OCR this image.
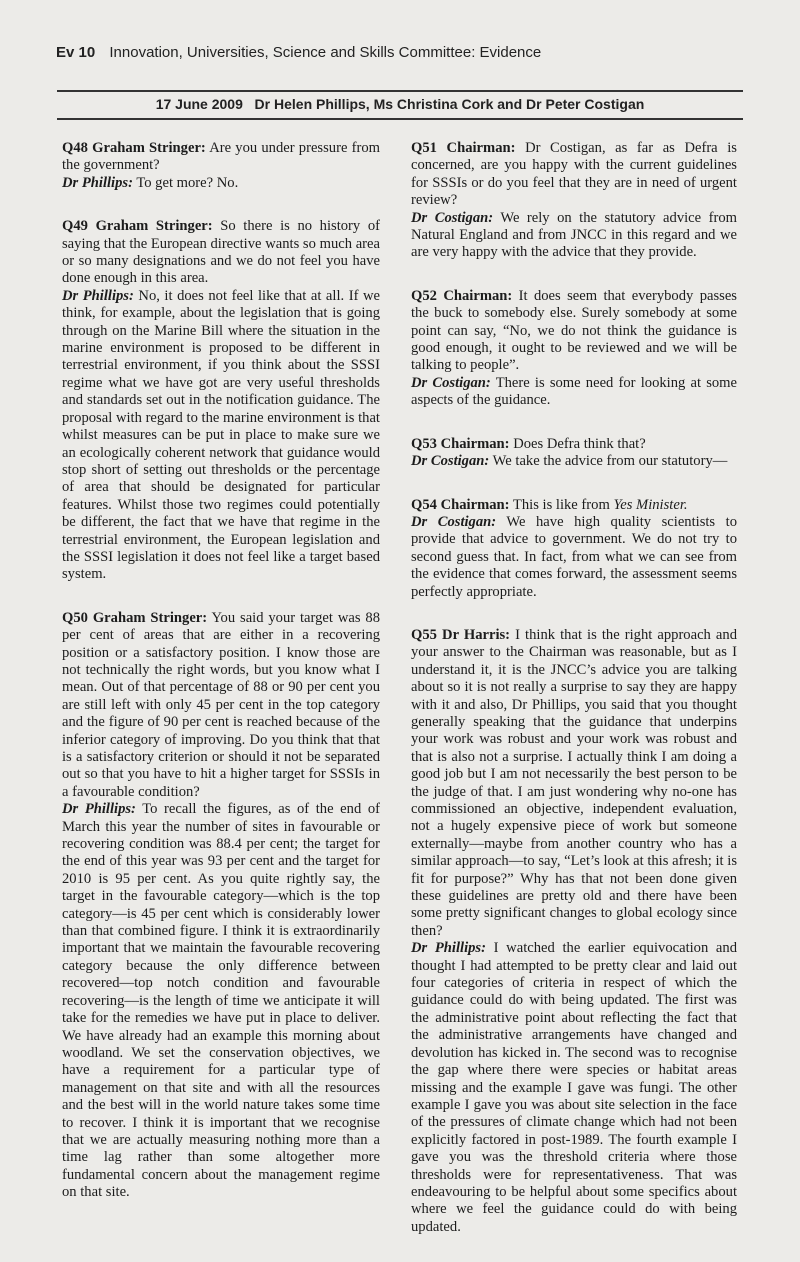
Ev 10 Innovation, Universities, Science and Skills Committee: Evidence
17 June 2009   Dr Helen Phillips, Ms Christina Cork and Dr Peter Costigan

Q48 Graham Stringer: Are you under pressure from the government?

Dr Phillips: To get more? No.

Q49 Graham Stringer: So there is no history of saying that the European directive wants so much area or so many designations and we do not feel you have done enough in this area.

Dr Phillips: No, it does not feel like that at all. If we think, for example, about the legislation that is going through on the Marine Bill where the situation in the marine environment is proposed to be different in terrestrial environment, if you think about the SSSI regime what we have got are very useful thresholds and standards set out in the notification guidance. The proposal with regard to the marine environment is that whilst measures can be put in place to make sure we an ecologically coherent network that guidance would stop short of setting out thresholds or the percentage of area that should be designated for particular features. Whilst those two regimes could potentially be different, the fact that we have that regime in the terrestrial environment, the European legislation and the SSSI legislation it does not feel like a target based system.

Q50 Graham Stringer: You said your target was 88 per cent of areas that are either in a recovering position or a satisfactory position. I know those are not technically the right words, but you know what I mean. Out of that percentage of 88 or 90 per cent you are still left with only 45 per cent in the top category and the figure of 90 per cent is reached because of the inferior category of improving. Do you think that that is a satisfactory criterion or should it not be separated out so that you have to hit a higher target for SSSIs in a favourable condition?

Dr Phillips: To recall the figures, as of the end of March this year the number of sites in favourable or recovering condition was 88.4 per cent; the target for the end of this year was 93 per cent and the target for 2010 is 95 per cent. As you quite rightly say, the target in the favourable category—which is the top category—is 45 per cent which is considerably lower than that combined figure. I think it is extraordinarily important that we maintain the favourable recovering category because the only difference between recovered—top notch condition and favourable recovering—is the length of time we anticipate it will take for the remedies we have put in place to deliver. We have already had an example this morning about woodland. We set the conservation objectives, we have a requirement for a particular type of management on that site and with all the resources and the best will in the world nature takes some time to recover. I think it is important that we recognise that we are actually measuring nothing more than a time lag rather than some altogether more fundamental concern about the management regime on that site.

Q51 Chairman: Dr Costigan, as far as Defra is concerned, are you happy with the current guidelines for SSSIs or do you feel that they are in need of urgent review?

Dr Costigan: We rely on the statutory advice from Natural England and from JNCC in this regard and we are very happy with the advice that they provide.

Q52 Chairman: It does seem that everybody passes the buck to somebody else. Surely somebody at some point can say, “No, we do not think the guidance is good enough, it ought to be reviewed and we will be talking to people”.

Dr Costigan: There is some need for looking at some aspects of the guidance.

Q53 Chairman: Does Defra think that?

Dr Costigan: We take the advice from our statutory—

Q54 Chairman: This is like from Yes Minister.

Dr Costigan: We have high quality scientists to provide that advice to government. We do not try to second guess that. In fact, from what we can see from the evidence that comes forward, the assessment seems perfectly appropriate.

Q55 Dr Harris: I think that is the right approach and your answer to the Chairman was reasonable, but as I understand it, it is the JNCC’s advice you are talking about so it is not really a surprise to say they are happy with it and also, Dr Phillips, you said that you thought generally speaking that the guidance that underpins your work was robust and your work was robust and that is also not a surprise. I actually think I am doing a good job but I am not necessarily the best person to be the judge of that. I am just wondering why no-one has commissioned an objective, independent evaluation, not a hugely expensive piece of work but someone externally—maybe from another country who has a similar approach—to say, “Let’s look at this afresh; it is fit for purpose?” Why has that not been done given these guidelines are pretty old and there have been some pretty significant changes to global ecology since then?

Dr Phillips: I watched the earlier equivocation and thought I had attempted to be pretty clear and laid out four categories of criteria in respect of which the guidance could do with being updated. The first was the administrative point about reflecting the fact that the administrative arrangements have changed and devolution has kicked in. The second was to recognise the gap where there were species or habitat areas missing and the example I gave was fungi. The other example I gave you was about site selection in the face of the pressures of climate change which had not been explicitly factored in post-1989. The fourth example I gave you was the threshold criteria where those thresholds were for representativeness. That was endeavouring to be helpful about some specifics about where we feel the guidance could do with being updated.
